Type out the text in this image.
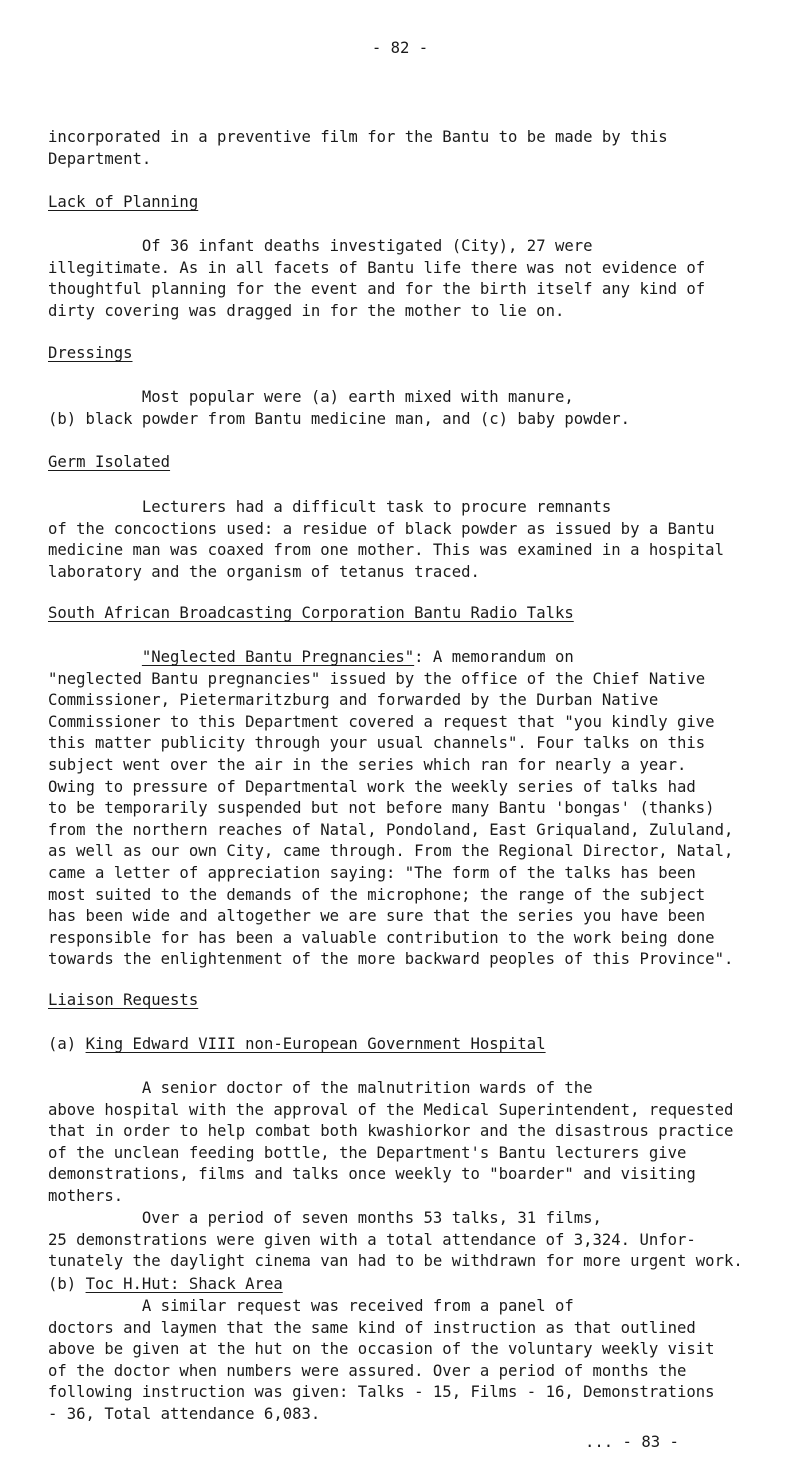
- 82 -
incorporated in a preventive film for the Bantu to be made by this
Department.
Lack of Planning
Of 36 infant deaths investigated (City), 27 were
illegitimate. As in all facets of Bantu life there was not evidence of
thoughtful planning for the event and for the birth itself any kind of
dirty covering was dragged in for the mother to lie on.
Dressings
Most popular were (a) earth mixed with manure,
(b) black powder from Bantu medicine man, and (c) baby powder.
Germ Isolated
Lecturers had a difficult task to procure remnants
of the concoctions used: a residue of black powder as issued by a Bantu
medicine man was coaxed from one mother. This was examined in a hospital
laboratory and the organism of tetanus traced.
South African Broadcasting Corporation Bantu Radio Talks
"Neglected Bantu Pregnancies": A memorandum on
"neglected Bantu pregnancies" issued by the office of the Chief Native
Commissioner, Pietermaritzburg and forwarded by the Durban Native
Commissioner to this Department covered a request that "you kindly give
this matter publicity through your usual channels". Four talks on this
subject went over the air in the series which ran for nearly a year.
Owing to pressure of Departmental work the weekly series of talks had
to be temporarily suspended but not before many Bantu 'bongas' (thanks)
from the northern reaches of Natal, Pondoland, East Griqualand, Zululand,
as well as our own City, came through. From the Regional Director, Natal,
came a letter of appreciation saying: "The form of the talks has been
most suited to the demands of the microphone; the range of the subject
has been wide and altogether we are sure that the series you have been
responsible for has been a valuable contribution to the work being done
towards the enlightenment of the more backward peoples of this Province".
Liaison Requests
(a) King Edward VIII non-European Government Hospital
A senior doctor of the malnutrition wards of the
above hospital with the approval of the Medical Superintendent, requested
that in order to help combat both kwashiorkor and the disastrous practice
of the unclean feeding bottle, the Department's Bantu lecturers give
demonstrations, films and talks once weekly to "boarder" and visiting
mothers.
Over a period of seven months 53 talks, 31 films,
25 demonstrations were given with a total attendance of 3,324. Unfor-
tunately the daylight cinema van had to be withdrawn for more urgent work.
(b) Toc H.Hut: Shack Area
A similar request was received from a panel of
doctors and laymen that the same kind of instruction as that outlined
above be given at the hut on the occasion of the voluntary weekly visit
of the doctor when numbers were assured. Over a period of months the
following instruction was given: Talks - 15, Films - 16, Demonstrations
- 36, Total attendance 6,083.
... - 83 -
